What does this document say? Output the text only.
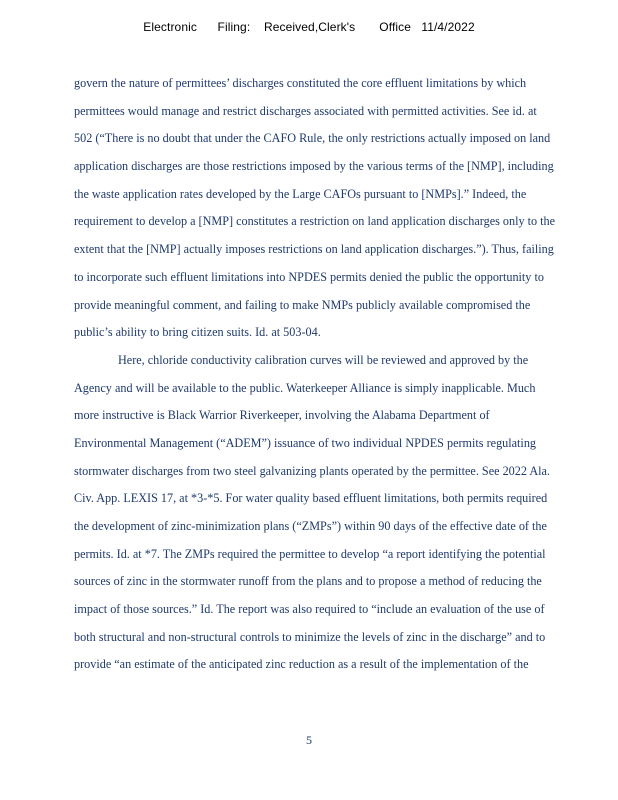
Electronic      Filing:    Received,Clerk's       Office   11/4/2022
govern the nature of permittees’ discharges constituted the core effluent limitations by which
permittees would manage and restrict discharges associated with permitted activities. See id. at
502 (“There is no doubt that under the CAFO Rule, the only restrictions actually imposed on land
application discharges are those restrictions imposed by the various terms of the [NMP], including
the waste application rates developed by the Large CAFOs pursuant to [NMPs].” Indeed, the
requirement to develop a [NMP] constitutes a restriction on land application discharges only to the
extent that the [NMP] actually imposes restrictions on land application discharges.”). Thus, failing
to incorporate such effluent limitations into NPDES permits denied the public the opportunity to
provide meaningful comment, and failing to make NMPs publicly available compromised the
public’s ability to bring citizen suits. Id. at 503-04.
Here, chloride conductivity calibration curves will be reviewed and approved by the
Agency and will be available to the public. Waterkeeper Alliance is simply inapplicable. Much
more instructive is Black Warrior Riverkeeper, involving the Alabama Department of
Environmental Management (“ADEM”) issuance of two individual NPDES permits regulating
stormwater discharges from two steel galvanizing plants operated by the permittee. See 2022 Ala.
Civ. App. LEXIS 17, at *3-*5. For water quality based effluent limitations, both permits required
the development of zinc-minimization plans (“ZMPs”) within 90 days of the effective date of the
permits. Id. at *7. The ZMPs required the permittee to develop “a report identifying the potential
sources of zinc in the stormwater runoff from the plans and to propose a method of reducing the
impact of those sources.” Id. The report was also required to “include an evaluation of the use of
both structural and non-structural controls to minimize the levels of zinc in the discharge” and to
provide “an estimate of the anticipated zinc reduction as a result of the implementation of the
5
